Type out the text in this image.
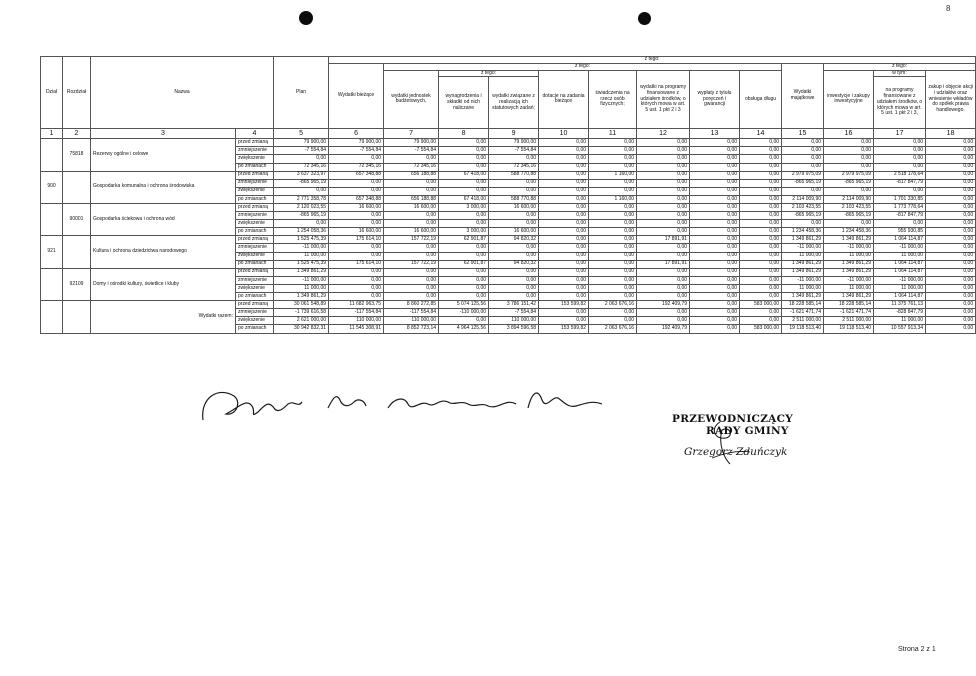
8
Dział	Rozdział	Nazwa		Plan	z tego:												
					Wydatki bieżące	z tego:								Wydatki majątkowe	z tego:		
						wydatki jednostek budżetowych,	z tego:		dotacje na zadania bieżące	świadczenia na rzecz osób fizycznych;	wydatki na programy finansowane z udziałem środków, o których mowa w art. 5 ust. 1 pkt 2 i 3	wypłaty z tytułu poręczeń i gwarancji	obsługa długu		inwestycje i zakupy inwestycyjne	w tym:	zakup i objęcie akcji i udziałów oraz wniesienie wkładów do spółek prawa handlowego.
							wynagrodzenia i składki od nich naliczane	wydatki związane z realizacją ich statutowych zadań;								na programy finansowane z udziałem środków, o których mowa w art. 5 ust. 1 pkt 2 i 3,	
1	2	3	4	5	6	7	8	9	10	11	12	13	14	15	16	17	18
	75818	Rezerwy ogólne i celowe	przed zmianą	79 900,00	79 900,00	79 900,00	0,00	79 900,00	0,00	0,00	0,00	0,00	0,00	0,00	0,00	0,00	0,00
			zmniejszenie	-7 554,84	-7 554,84	-7 554,84	0,00	-7 554,84	0,00	0,00	0,00	0,00	0,00	0,00	0,00	0,00	0,00
			zwiększenie	0,00	0,00	0,00	0,00	0,00	0,00	0,00	0,00	0,00	0,00	0,00	0,00	0,00	0,00
			po zmianach	72 345,16	72 345,16	72 345,16	0,00	72 345,16	0,00	0,00	0,00	0,00	0,00	0,00	0,00	0,00	0,00
900		Gospodarka komunalna i ochrona środowiska	przed zmianą	3 637 323,97	657 348,88	656 188,88	67 418,00	588 770,88	0,00	1 160,00	0,00	0,00	0,00	2 979 975,09	2 979 975,09	2 518 178,64	0,00
			zmniejszenie	-865 965,19	0,00	0,00	0,00	0,00	0,00	0,00	0,00	0,00	0,00	-865 965,19	-865 965,19	-817 847,79	0,00
			zwiększenie	0,00	0,00	0,00	0,00	0,00	0,00	0,00	0,00	0,00	0,00	0,00	0,00	0,00	0,00
			po zmianach	2 771 358,78	657 348,88	656 188,88	67 418,00	588 770,88	0,00	1 160,00	0,00	0,00	0,00	2 114 009,90	2 114 009,90	1 701 330,85	0,00
	90001	Gospodarka ściekowa i ochrona wód	przed zmianą	2 120 023,55	16 600,00	16 600,00	3 000,00	16 600,00	0,00	0,00	0,00	0,00	0,00	2 103 423,55	2 103 423,55	1 773 778,64	0,00
			zmniejszenie	-865 965,19	0,00	0,00	0,00	0,00	0,00	0,00	0,00	0,00	0,00	-865 965,19	-865 965,19	-817 847,79	0,00
			zwiększenie	0,00	0,00	0,00	0,00	0,00	0,00	0,00	0,00	0,00	0,00	0,00	0,00	0,00	0,00
			po zmianach	1 254 058,36	16 600,00	16 600,00	3 000,00	16 600,00	0,00	0,00	0,00	0,00	0,00	1 234 458,36	1 234 458,36	955 930,85	0,00
921		Kultura i ochrona dziedzictwa narodowego	przed zmianą	1 525 475,39	175 614,10	157 722,19	62 901,87	94 820,32	0,00	0,00	17 891,91	0,00	0,00	1 349 861,29	1 349 861,29	1 064 114,87	0,00
			zmniejszenie	-11 000,00	0,00	0,00	0,00	0,00	0,00	0,00	0,00	0,00	0,00	-11 000,00	-11 000,00	-11 000,00	0,00
			zwiększenie	11 000,00	0,00	0,00	0,00	0,00	0,00	0,00	0,00	0,00	0,00	11 000,00	11 000,00	11 000,00	0,00
			po zmianach	1 525 475,39	175 614,10	157 722,19	62 901,87	94 820,32	0,00	0,00	17 891,91	0,00	0,00	1 349 861,29	1 349 861,29	1 064 114,87	0,00
	92109	Domy i ośrodki kultury, świetlice i kluby	przed zmianą	1 349 861,29	0,00	0,00	0,00	0,00	0,00	0,00	0,00	0,00	0,00	1 349 861,29	1 349 861,29	1 064 114,87	0,00
			zmniejszenie	-11 000,00	0,00	0,00	0,00	0,00	0,00	0,00	0,00	0,00	0,00	-11 000,00	-11 000,00	-11 000,00	0,00
			zwiększenie	11 000,00	0,00	0,00	0,00	0,00	0,00	0,00	0,00	0,00	0,00	11 000,00	11 000,00	11 000,00	0,00
			po zmianach	1 349 861,29	0,00	0,00	0,00	0,00	0,00	0,00	0,00	0,00	0,00	1 349 861,29	1 349 861,29	1 064 114,87	0,00
		Wydatki razem:	przed zmianą	30 061 548,89	11 682 963,75	8 860 272,85	5 074 125,56	3 786 151,42	153 599,82	2 063 676,16	192 409,79	0,00	583 000,00	18 228 585,14	18 228 585,14	11 375 761,13	0,00
			zmniejszenie	-1 739 616,58	-117 554,84	-117 554,84	-110 000,00	-7 554,84	0,00	0,00	0,00	0,00	0,00	-1 621 471,74	-1 621 471,74	-828 847,79	0,00
			zwiększenie	2 621 000,00	110 000,00	110 000,00	0,00	110 000,00	0,00	0,00	0,00	0,00	0,00	2 511 000,00	2 511 000,00	11 000,00	0,00
			po zmianach	30 942 832,31	11 545 308,91	8 852 723,14	4 964 125,56	3 894 596,58	153 599,82	2 063 676,16	192 409,79	0,00	583 000,00	19 118 513,40	19 118 513,40	10 557 913,34	0,00
PRZEWODNICZĄCY
RADY GMINY
Grzegorz Zduńczyk
Strona 2 z 1
